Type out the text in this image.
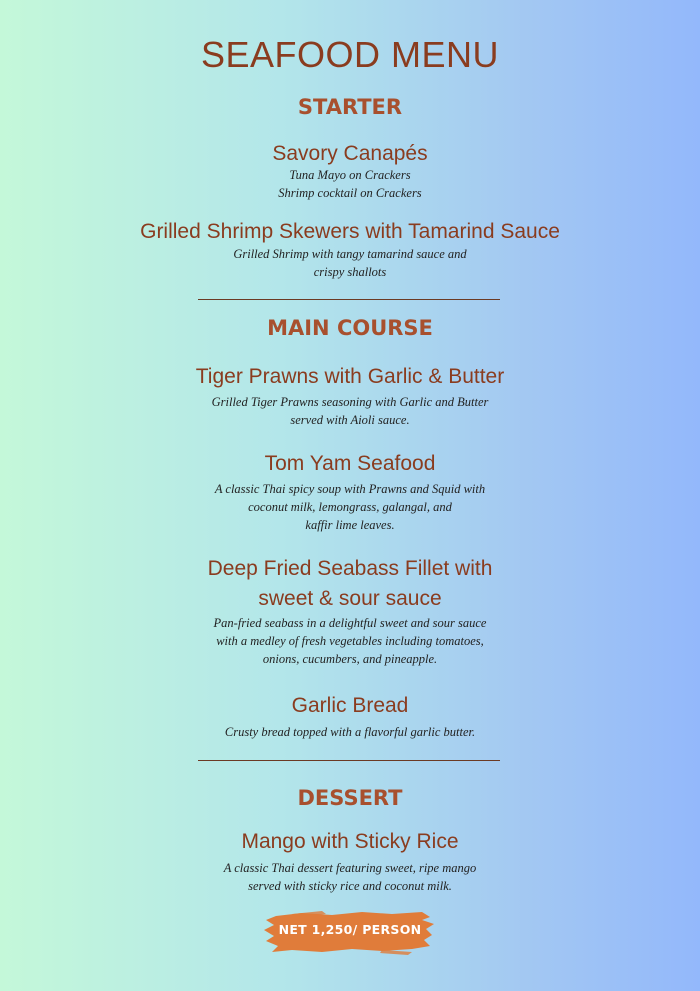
SEAFOOD MENU
STARTER
Savory Canapés
Tuna Mayo on Crackers
Shrimp cocktail on Crackers
Grilled Shrimp Skewers with Tamarind Sauce
Grilled Shrimp with tangy tamarind sauce and
crispy shallots
MAIN COURSE
Tiger Prawns with Garlic & Butter
Grilled Tiger Prawns seasoning with Garlic and Butter
served with Aioli sauce.
Tom Yam Seafood
A classic Thai spicy soup with Prawns and Squid with
coconut milk, lemongrass, galangal, and
kaffir lime leaves.
Deep Fried Seabass Fillet with
sweet & sour sauce
Pan-fried seabass in a delightful sweet and sour sauce
with a medley of fresh vegetables including tomatoes,
onions, cucumbers, and pineapple.
Garlic Bread
Crusty bread topped with a flavorful garlic butter.
DESSERT
Mango with Sticky Rice
A classic Thai dessert featuring sweet, ripe mango
served with sticky rice and coconut milk.
NET 1,250/ PERSON
